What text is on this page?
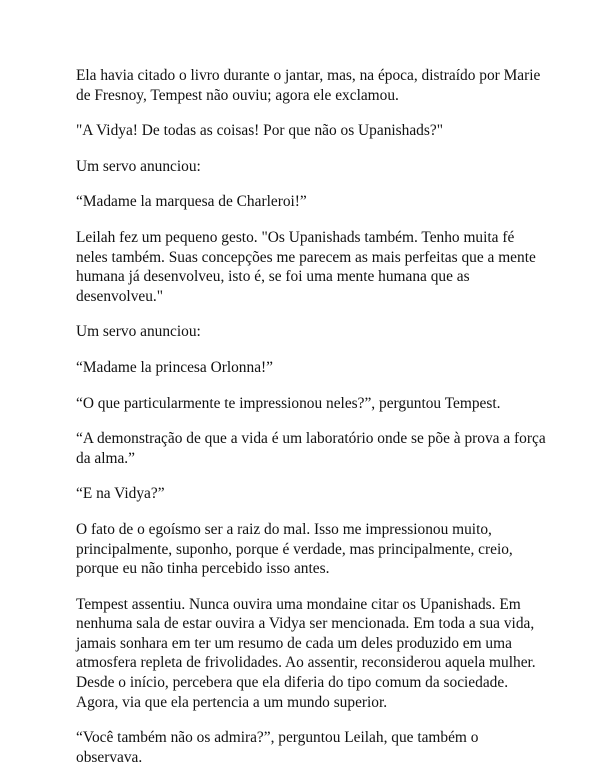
Ela havia citado o livro durante o jantar, mas, na época, distraído por Marie
de Fresnoy, Tempest não ouviu; agora ele exclamou.

"A Vidya! De todas as coisas! Por que não os Upanishads?"

Um servo anunciou:

“Madame la marquesa de Charleroi!”

Leilah fez um pequeno gesto. "Os Upanishads também. Tenho muita fé
neles também. Suas concepções me parecem as mais perfeitas que a mente
humana já desenvolveu, isto é, se foi uma mente humana que as
desenvolveu."

Um servo anunciou:

“Madame la princesa Orlonna!”

“O que particularmente te impressionou neles?”, perguntou Tempest.

“A demonstração de que a vida é um laboratório onde se põe à prova a força
da alma.”

“E na Vidya?”

O fato de o egoísmo ser a raiz do mal. Isso me impressionou muito,
principalmente, suponho, porque é verdade, mas principalmente, creio,
porque eu não tinha percebido isso antes.

Tempest assentiu. Nunca ouvira uma mondaine citar os Upanishads. Em
nenhuma sala de estar ouvira a Vidya ser mencionada. Em toda a sua vida,
jamais sonhara em ter um resumo de cada um deles produzido em uma
atmosfera repleta de frivolidades. Ao assentir, reconsiderou aquela mulher.
Desde o início, percebera que ela diferia do tipo comum da sociedade.
Agora, via que ela pertencia a um mundo superior.

“Você também não os admira?”, perguntou Leilah, que também o
observava.
